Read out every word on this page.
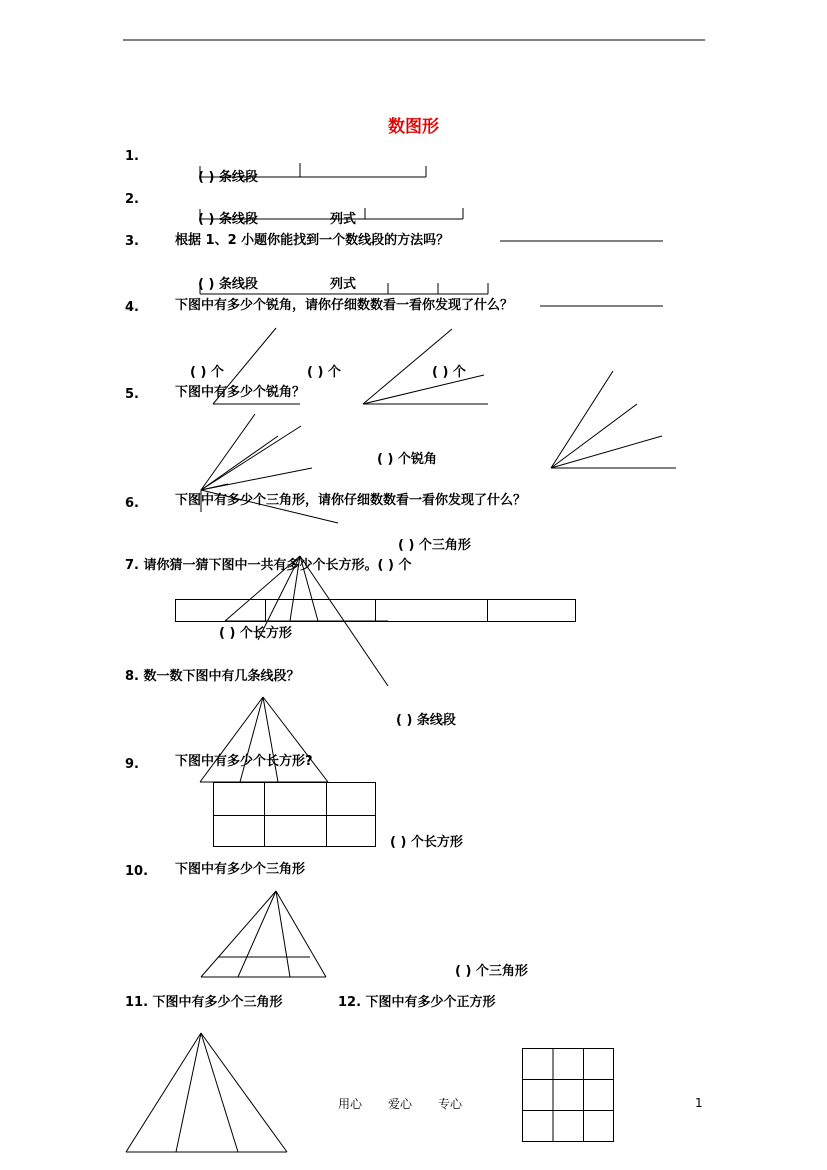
数图形
1.
( ) 条线段
2.
( ) 条线段	列式
3.	根据 1、2 小题你能找到一个数线段的方法吗？
( ) 条线段	列式
4.	下图中有多少个锐角，请你仔细数数看一看你发现了什么？
( ) 个	( ) 个	( ) 个
5.	下图中有多少个锐角？
( ) 个锐角
6.	下图中有多少个三角形，请你仔细数数看一看你发现了什么？
( ) 个三角形
7. 请你猜一猜下图中一共有多少个长方形。( ) 个
( ) 个长方形
8. 数一数下图中有几条线段？
( ) 条线段
9.	下图中有多少个长方形?
( ) 个长方形
10. 下图中有多少个三角形
( ) 个三角形
11. 下图中有多少个三角形	12. 下图中有多少个正方形
用心 爱心 专心	1
